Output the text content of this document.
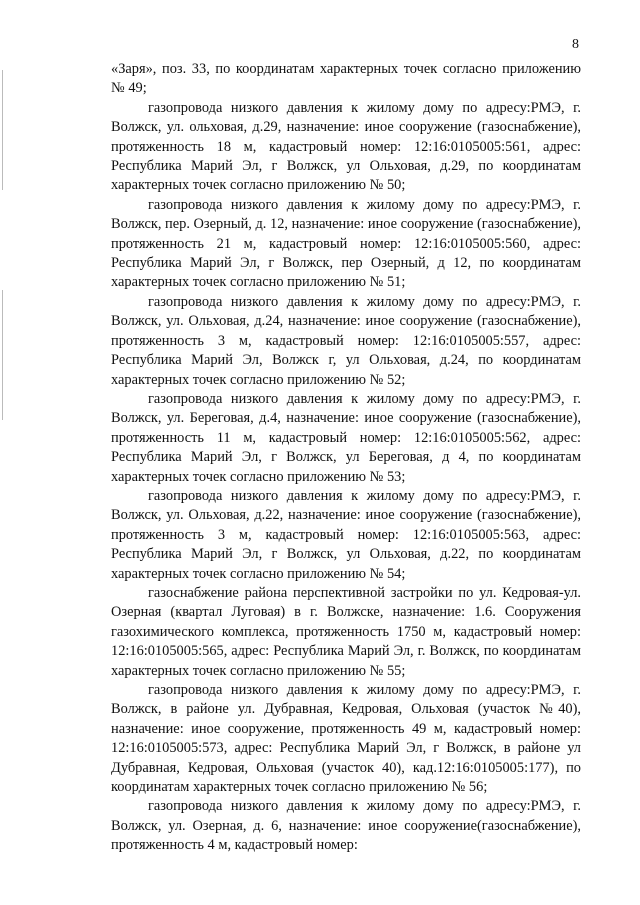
8

«Заря», поз. 33, по координатам характерных точек согласно приложению № 49;

газопровода низкого давления к жилому дому по адресу:РМЭ, г. Волжск, ул. ольховая, д.29, назначение: иное сооружение (газоснабжение), протяженность 18 м, кадастровый номер: 12:16:0105005:561, адрес: Республика Марий Эл, г Волжск, ул Ольховая, д.29, по координатам характерных точек согласно приложению № 50;

газопровода низкого давления к жилому дому по адресу:РМЭ, г. Волжск, пер. Озерный, д. 12, назначение: иное сооружение (газоснабжение), протяженность 21 м, кадастровый номер: 12:16:0105005:560, адрес: Республика Марий Эл, г Волжск, пер Озерный, д 12, по координатам характерных точек согласно приложению № 51;

газопровода низкого давления к жилому дому по адресу:РМЭ, г. Волжск, ул. Ольховая, д.24, назначение: иное сооружение (газоснабжение), протяженность 3 м, кадастровый номер: 12:16:0105005:557, адрес: Республика Марий Эл, Волжск г, ул Ольховая, д.24, по координатам характерных точек согласно приложению № 52;

газопровода низкого давления к жилому дому по адресу:РМЭ, г. Волжск, ул. Береговая, д.4, назначение: иное сооружение (газоснабжение), протяженность 11 м, кадастровый номер: 12:16:0105005:562, адрес: Республика Марий Эл, г Волжск, ул Береговая, д 4, по координатам характерных точек согласно приложению № 53;

газопровода низкого давления к жилому дому по адресу:РМЭ, г. Волжск, ул. Ольховая, д.22, назначение: иное сооружение (газоснабжение), протяженность 3 м, кадастровый номер: 12:16:0105005:563, адрес: Республика Марий Эл, г Волжск, ул Ольховая, д.22, по координатам характерных точек согласно приложению № 54;

газоснабжение района перспективной застройки по ул. Кедровая-ул. Озерная (квартал Луговая) в г. Волжске, назначение: 1.6. Сооружения газохимического комплекса, протяженность 1750 м, кадастровый номер: 12:16:0105005:565, адрес: Республика Марий Эл, г. Волжск, по координатам характерных точек согласно приложению № 55;

газопровода низкого давления к жилому дому по адресу:РМЭ, г. Волжск, в районе ул. Дубравная, Кедровая, Ольховая (участок №40), назначение: иное сооружение, протяженность 49 м, кадастровый номер: 12:16:0105005:573, адрес: Республика Марий Эл, г Волжск, в районе ул Дубравная, Кедровая, Ольховая (участок 40), кад.12:16:0105005:177), по координатам характерных точек согласно приложению № 56;

газопровода низкого давления к жилому дому по адресу:РМЭ, г. Волжск, ул. Озерная, д. 6, назначение: иное сооружение(газоснабжение), протяженность 4 м, кадастровый номер:
